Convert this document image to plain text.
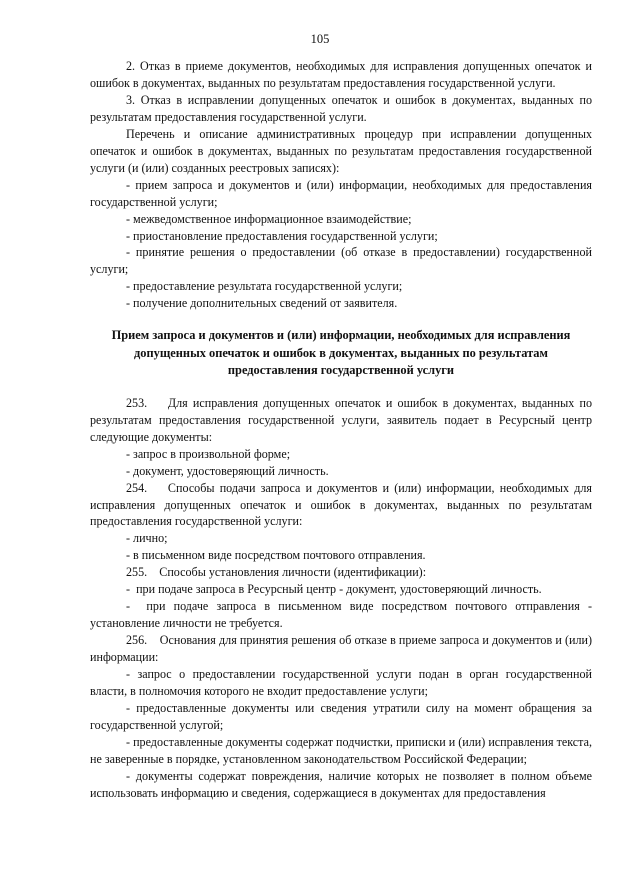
105

2. Отказ в приеме документов, необходимых для исправления допущенных опечаток и ошибок в документах, выданных по результатам предоставления государственной услуги.

3. Отказ в исправлении допущенных опечаток и ошибок в документах, выданных по результатам предоставления государственной услуги.

Перечень и описание административных процедур при исправлении допущенных опечаток и ошибок в документах, выданных по результатам предоставления государственной услуги (и (или) созданных реестровых записях):

- прием запроса и документов и (или) информации, необходимых для предоставления государственной услуги;

- межведомственное информационное взаимодействие;

- приостановление предоставления государственной услуги;

- принятие решения о предоставлении (об отказе в предоставлении) государственной услуги;

- предоставление результата государственной услуги;

- получение дополнительных сведений от заявителя.

Прием запроса и документов и (или) информации, необходимых для исправления допущенных опечаток и ошибок в документах, выданных по результатам предоставления государственной услуги

253.    Для исправления допущенных опечаток и ошибок в документах, выданных по результатам предоставления государственной услуги, заявитель подает в Ресурсный центр следующие документы:

- запрос в произвольной форме;

- документ, удостоверяющий личность.

254.    Способы подачи запроса и документов и (или) информации, необходимых для исправления допущенных опечаток и ошибок в документах, выданных по результатам предоставления государственной услуги:

- лично;

- в письменном виде посредством почтового отправления.

255.    Способы установления личности (идентификации):

-  при подаче запроса в Ресурсный центр - документ, удостоверяющий личность.

-  при подаче запроса в письменном виде посредством почтового отправления - установление личности не требуется.

256.    Основания для принятия решения об отказе в приеме запроса и документов и (или) информации:

- запрос о предоставлении государственной услуги подан в орган государственной власти, в полномочия которого не входит предоставление услуги;

- предоставленные документы или сведения утратили силу на момент обращения за государственной услугой;

- предоставленные документы содержат подчистки, приписки и (или) исправления текста, не заверенные в порядке, установленном законодательством Российской Федерации;

- документы содержат повреждения, наличие которых не позволяет в полном объеме использовать информацию и сведения, содержащиеся в документах для предоставления
